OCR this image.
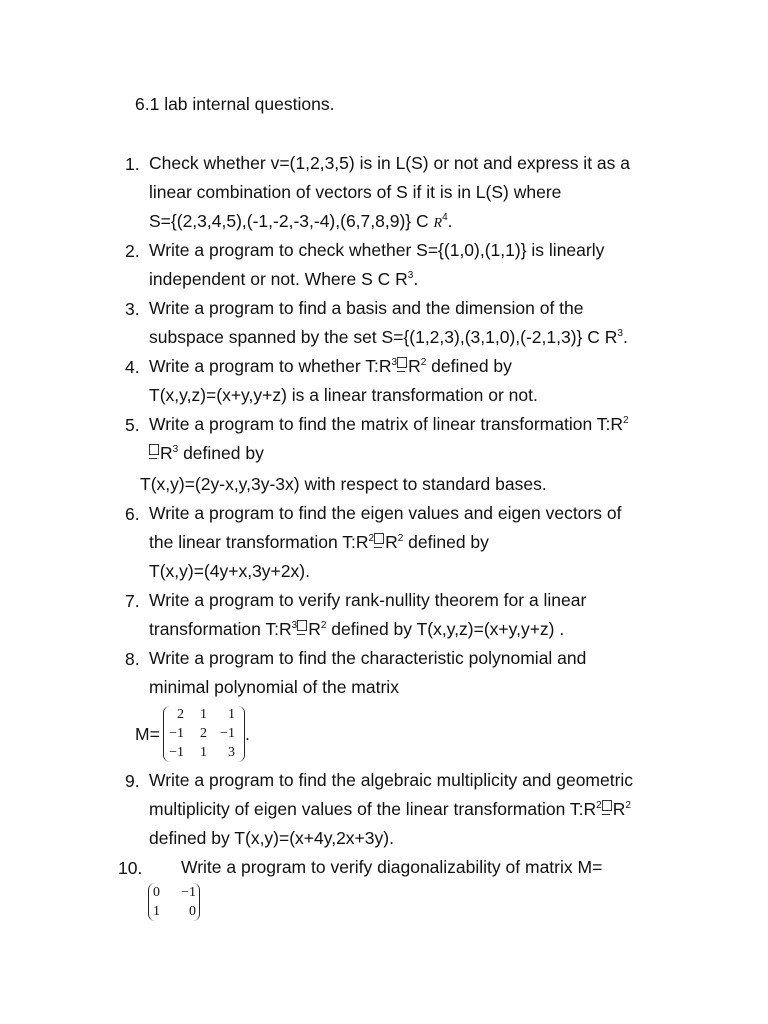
6.1 lab internal questions.
1. Check whether v=(1,2,3,5) is in L(S) or not and express it as a
linear combination of vectors of S if it is in L(S) where
S={(2,3,4,5),(-1,-2,-3,-4),(6,7,8,9)} C $R^4$.
2. Write a program to check whether S={(1,0),(1,1)} is linearly
independent or not. Where S C $R^3$.
3. Write a program to find a basis and the dimension of the
subspace spanned by the set S={(1,2,3),(3,1,0),(-2,1,3)} C $R^3$.
4. Write a program to whether $T:R^3$ $R^2$ defined by
T(x,y,z)=(x+y,y+z) is a linear transformation or not.
5. Write a program to find the matrix of linear transformation $T:R^2$
$R^3$ defined by
T(x,y)=(2y-x,y,3y-3x) with respect to standard bases.
6. Write a program to find the eigen values and eigen vectors of
the linear transformation $T:R^2$ $R^2$ defined by
T(x,y)=(4y+x,3y+2x).
7. Write a program to verify rank-nullity theorem for a linear
transformation $T:R^3$ $R^2$ defined by T(x,y,z)=(x+y,y+z) .
8. Write a program to find the characteristic polynomial and
minimal polynomial of the matrix
M=
2	1	1
−1	2 −1
−1	1	3
.
9. Write a program to find the algebraic multiplicity and geometric
multiplicity of eigen values of the linear transformation $T:R^2$ $R^2$
defined by T(x,y)=(x+4y,2x+3y).
10. Write a program to verify diagonalizability of matrix M=
0	−1
1	0
